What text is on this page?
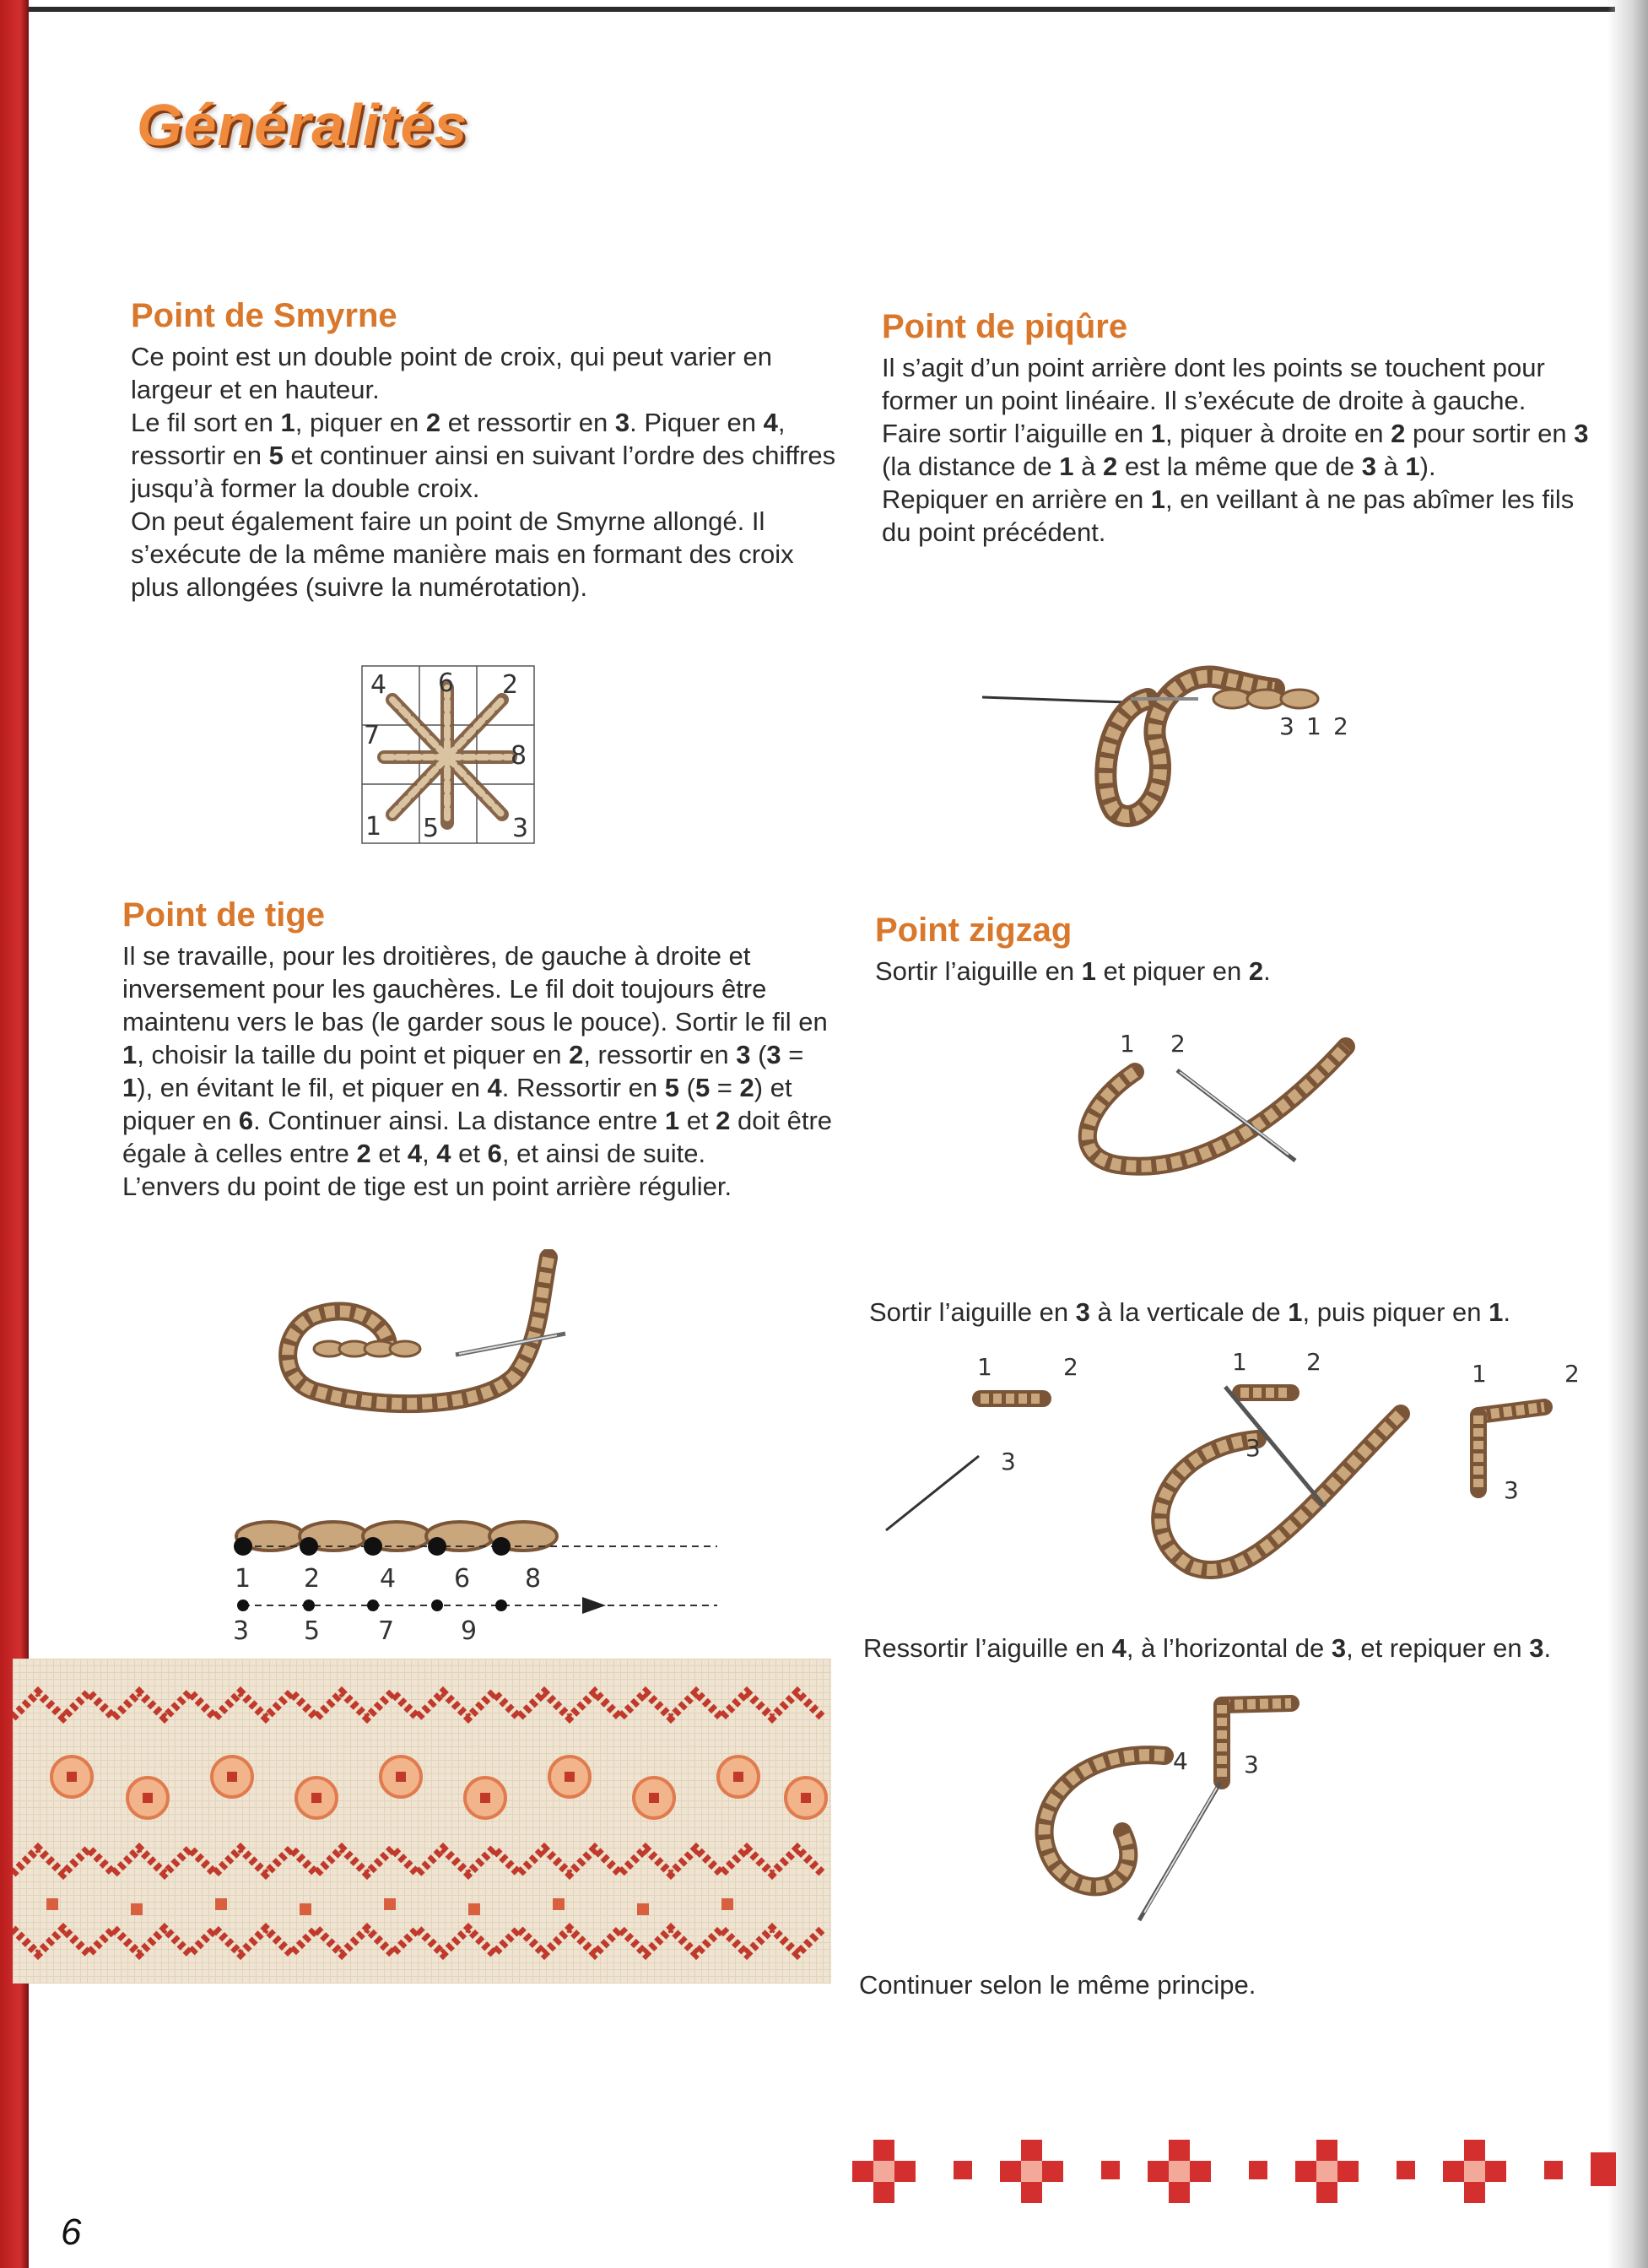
Généralités
Point de Smyrne

Ce point est un double point de croix, qui peut varier en largeur et en hauteur.

Le fil sort en 1, piquer en 2 et ressortir en 3. Piquer en 4, ressortir en 5 et continuer ainsi en suivant l’ordre des chiffres jusqu’à former la double croix.

On peut également faire un point de Smyrne allongé. Il s’exécute de la même manière mais en formant des croix plus allongées (suivre la numérotation).

4 6 2
7
8
1 5	3
Point de piqûre

Il s’agit d’un point arrière dont les points se touchent pour former un point linéaire. Il s’exécute de droite à gauche.

Faire sortir l’aiguille en 1, piquer à droite en 2 pour sortir en 3 (la distance de 1 à 2 est la même que de 3 à 1).

Repiquer en arrière en 1, en veillant à ne pas abîmer les fils du point précédent.

3 1 2
Point de tige

Il se travaille, pour les droitières, de gauche à droite et inversement pour les gauchères. Le fil doit toujours être maintenu vers le bas (le garder sous le pouce). Sortir le fil en 1, choisir la taille du point et piquer en 2, ressortir en 3 (3 = 1), en évitant le fil, et piquer en 4. Ressortir en 5 (5 = 2) et piquer en 6. Continuer ainsi. La distance entre 1 et 2 doit être égale à celles entre 2 et 4, 4 et 6, et ainsi de suite.

L’envers du point de tige est un point arrière régulier.

1 2 4 6 8
3 5 7	9
Point zigzag

Sortir l’aiguille en 1 et piquer en 2.

1 2
Sortir l’aiguille en 3 à la verticale de 1, puis piquer en 1.
1	2
3
1	2
3
1	2
3
Ressortir l’aiguille en 4, à l’horizontal de 3, et repiquer en 3.
4 3
Continuer selon le même principe.
6
